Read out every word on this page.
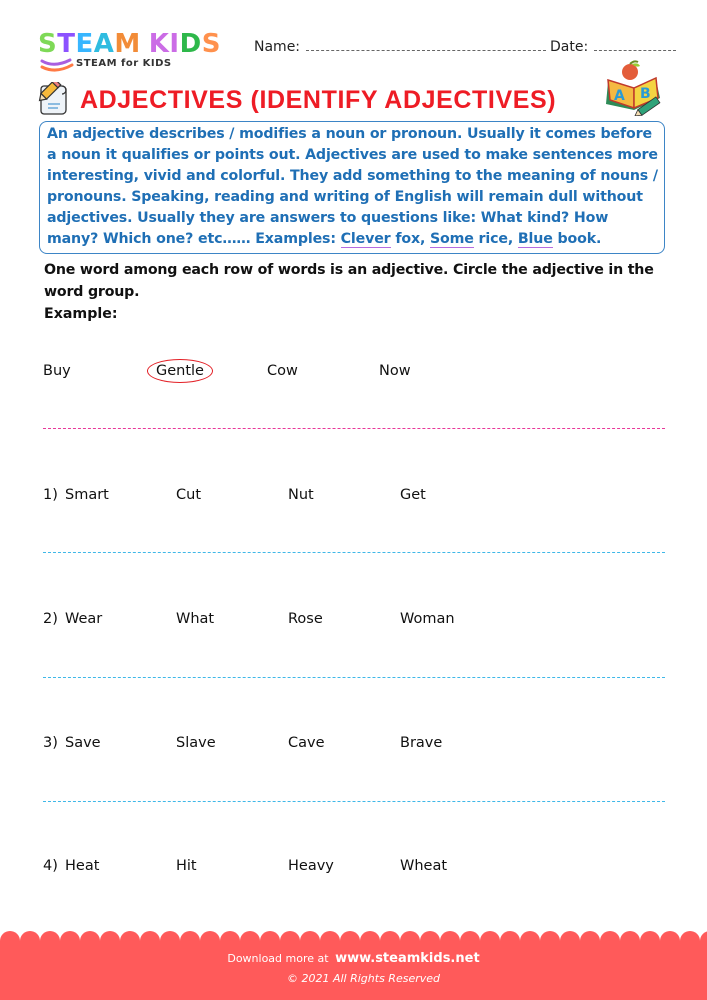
STEAM KIDS
STEAM for KIDS
Name:	Date:
ADJECTIVES (IDENTIFY ADJECTIVES)	A B
An adjective describes / modifies a noun or pronoun. Usually it comes before a noun it qualifies or points out. Adjectives are used to make sentences more interesting, vivid and colorful. They add something to the meaning of nouns / pronouns. Speaking, reading and writing of English will remain dull without adjectives. Usually they are answers to questions like: What kind? How many? Which one? etc…… Examples: Clever fox, Some rice, Blue book.
One word among each row of words is an adjective. Circle the adjective in the word group.
Example:
Buy	Gentle	Cow	Now
1) Smart	Cut	Nut	Get
2) Wear	What	Rose	Woman
3) Save	Slave	Cave	Brave
4) Heat	Hit	Heavy	Wheat
Download more at www.steamkids.net
© 2021 All Rights Reserved
